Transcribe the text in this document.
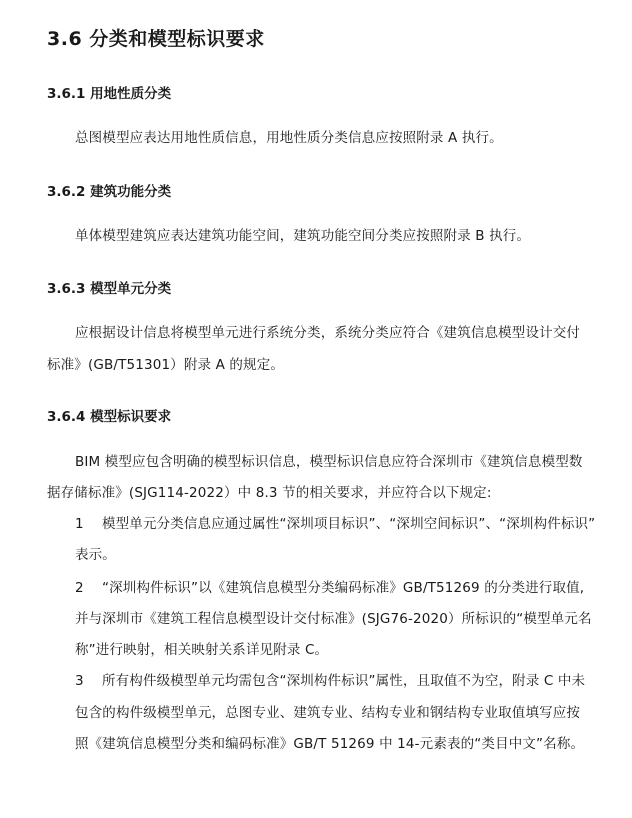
3.6 分类和模型标识要求
3.6.1 用地性质分类
总图模型应表达用地性质信息，用地性质分类信息应按照附录 A 执行。
3.6.2 建筑功能分类
单体模型建筑应表达建筑功能空间，建筑功能空间分类应按照附录 B 执行。
3.6.3 模型单元分类
应根据设计信息将模型单元进行系统分类，系统分类应符合《建筑信息模型设计交付
标准》(GB/T51301）附录 A 的规定。
3.6.4 模型标识要求
BIM 模型应包含明确的模型标识信息，模型标识信息应符合深圳市《建筑信息模型数
据存储标准》(SJG114-2022）中 8.3 节的相关要求，并应符合以下规定:
1 模型单元分类信息应通过属性“深圳项目标识”、“深圳空间标识”、“深圳构件标识”
表示。
2 “深圳构件标识”以《建筑信息模型分类编码标准》GB/T51269 的分类进行取值,
并与深圳市《建筑工程信息模型设计交付标准》(SJG76-2020）所标识的“模型单元名
称”进行映射，相关映射关系详见附录 C。
3 所有构件级模型单元均需包含“深圳构件标识”属性，且取值不为空，附录 C 中未
包含的构件级模型单元，总图专业、建筑专业、结构专业和钢结构专业取值填写应按
照《建筑信息模型分类和编码标准》GB/T 51269 中 14-元素表的“类目中文”名称。
